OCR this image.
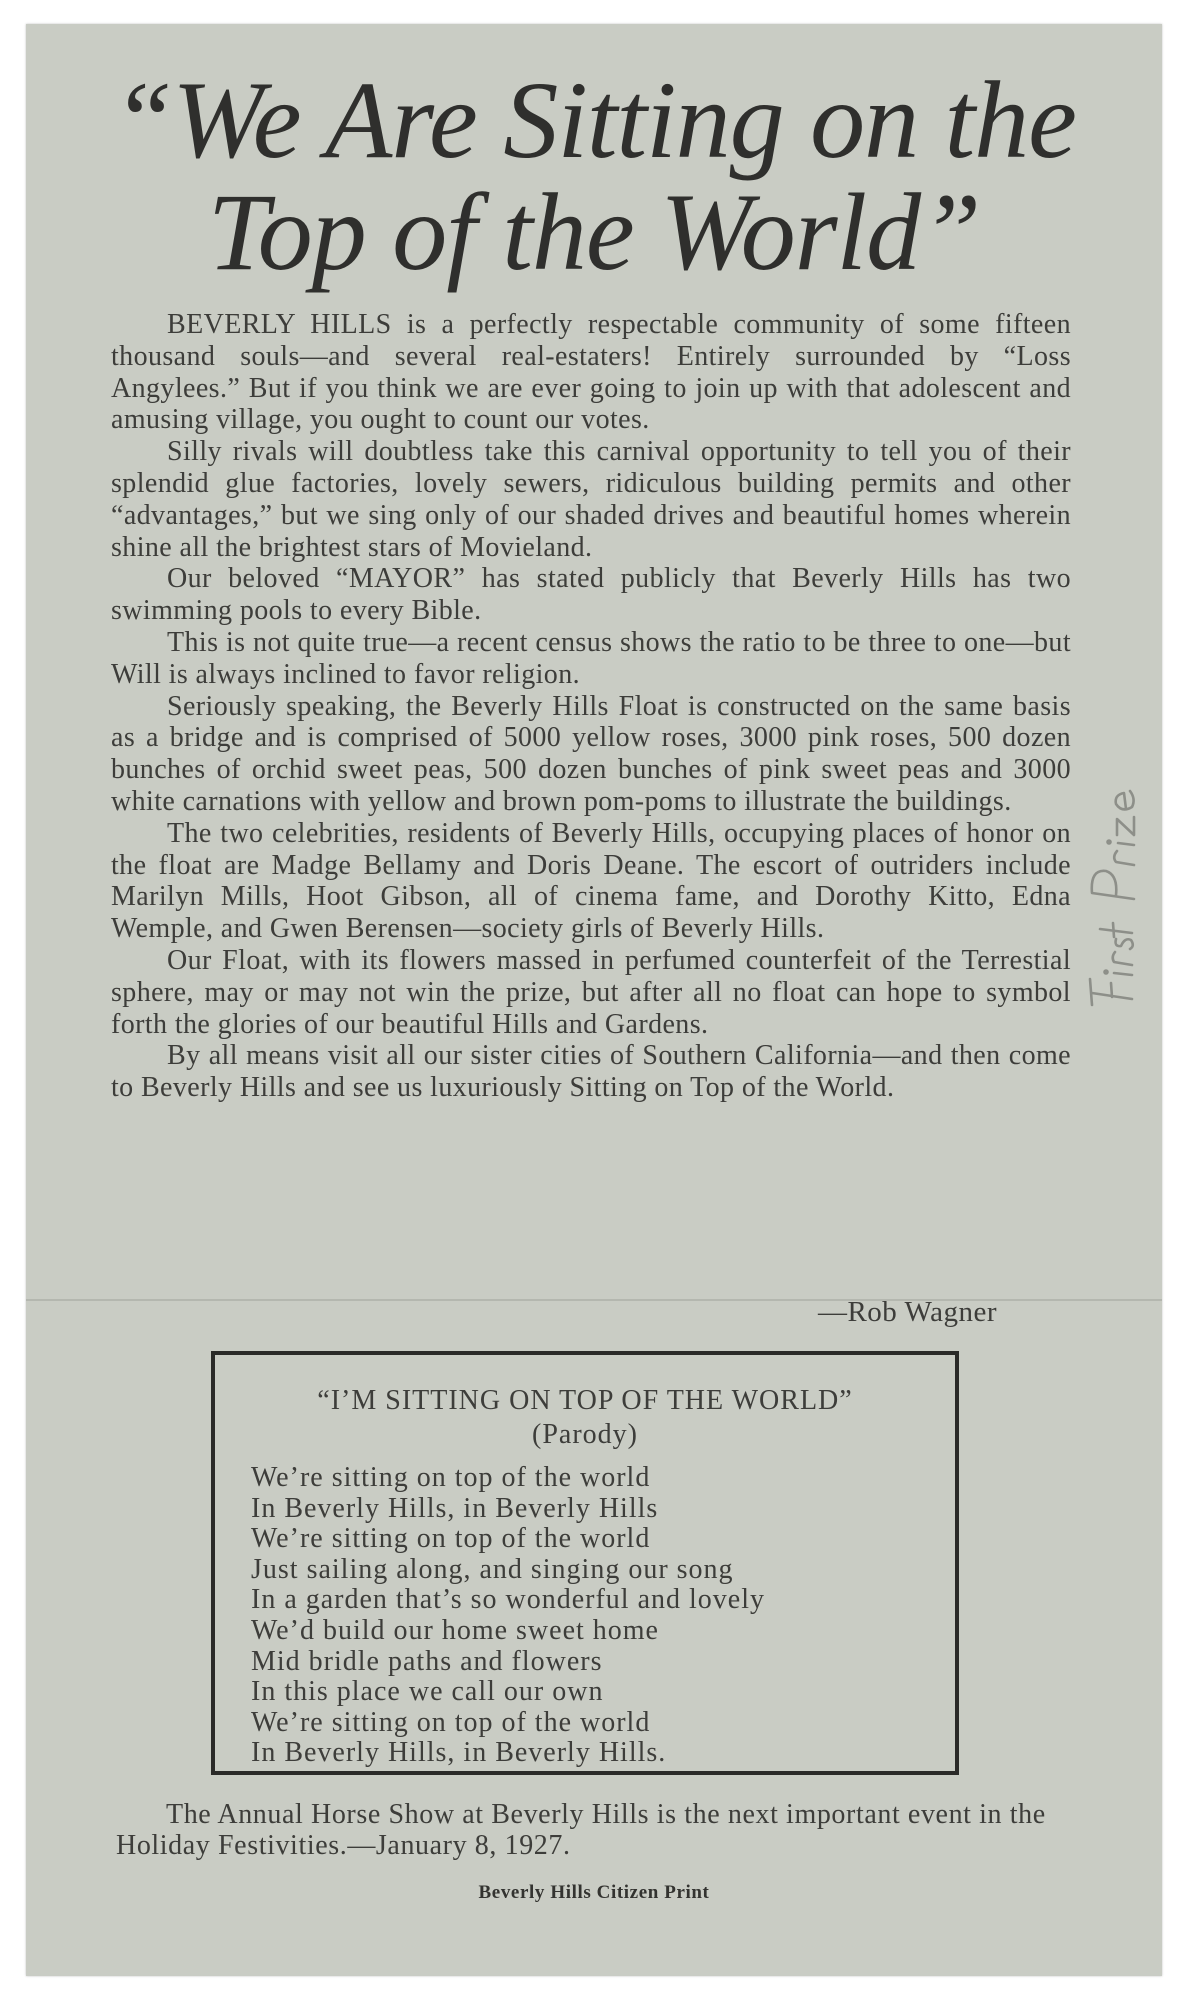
“We Are Sitting on the
Top of the World”

BEVERLY HILLS is a perfectly respectable community of some fifteen thousand souls—and several real-estaters! Entirely surrounded by “Loss Angylees.” But if you think we are ever going to join up with that adolescent and amusing village, you ought to count our votes.

Silly rivals will doubtless take this carnival opportunity to tell you of their splendid glue factories, lovely sewers, ridiculous building permits and other “advantages,” but we sing only of our shaded drives and beautiful homes wherein shine all the brightest stars of Movieland.

Our beloved “MAYOR” has stated publicly that Beverly Hills has two swimming pools to every Bible.

This is not quite true—a recent census shows the ratio to be three to one—but Will is always inclined to favor religion.

Seriously speaking, the Beverly Hills Float is constructed on the same basis as a bridge and is comprised of 5000 yellow roses, 3000 pink roses, 500 dozen bunches of orchid sweet peas, 500 dozen bunches of pink sweet peas and 3000 white carnations with yellow and brown pom-poms to illustrate the buildings.

The two celebrities, residents of Beverly Hills, occupying places of honor on the float are Madge Bellamy and Doris Deane. The escort of outriders include Marilyn Mills, Hoot Gibson, all of cinema fame, and Dorothy Kitto, Edna Wemple, and Gwen Berensen—society girls of Beverly Hills.

Our Float, with its flowers massed in perfumed counterfeit of the Terrestial sphere, may or may not win the prize, but after all no float can hope to symbol forth the glories of our beautiful Hills and Gardens.

By all means visit all our sister cities of Southern California—and then come to Beverly Hills and see us luxuriously Sitting on Top of the World.

—Rob Wagner
“I’M SITTING ON TOP OF THE WORLD”
(Parody)
We’re sitting on top of the world
In Beverly Hills, in Beverly Hills
We’re sitting on top of the world
Just sailing along, and singing our song
In a garden that’s so wonderful and lovely
We’d build our home sweet home
Mid bridle paths and flowers
In this place we call our own
We’re sitting on top of the world
In Beverly Hills, in Beverly Hills.

The Annual Horse Show at Beverly Hills is the next important event in the Holiday Festivities.—January 8, 1927.

Beverly Hills Citizen Print
